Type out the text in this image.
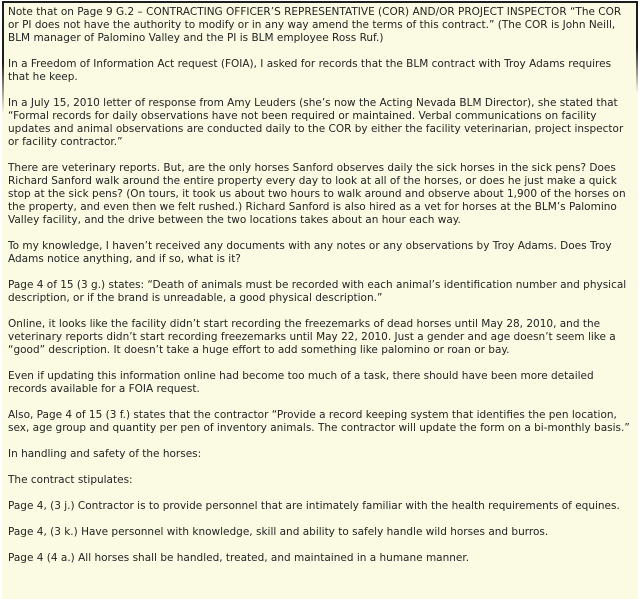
Note that on Page 9 G.2 – CONTRACTING OFFICER’S REPRESENTATIVE (COR) AND/OR PROJECT INSPECTOR “The COR or PI does not have the authority to modify or in any way amend the terms of this contract.” (The COR is John Neill, BLM manager of Palomino Valley and the PI is BLM employee Ross Ruf.)

In a Freedom of Information Act request (FOIA), I asked for records that the BLM contract with Troy Adams requires that he keep.

In a July 15, 2010 letter of response from Amy Leuders (she’s now the Acting Nevada BLM Director), she stated that “Formal records for daily observations have not been required or maintained. Verbal communications on facility updates and animal observations are conducted daily to the COR by either the facility veterinarian, project inspector or facility contractor.”

There are veterinary reports. But, are the only horses Sanford observes daily the sick horses in the sick pens? Does Richard Sanford walk around the entire property every day to look at all of the horses, or does he just make a quick stop at the sick pens? (On tours, it took us about two hours to walk around and observe about 1,900 of the horses on the property, and even then we felt rushed.) Richard Sanford is also hired as a vet for horses at the BLM’s Palomino Valley facility, and the drive between the two locations takes about an hour each way.

To my knowledge, I haven’t received any documents with any notes or any observations by Troy Adams. Does Troy Adams notice anything, and if so, what is it?

Page 4 of 15 (3 g.) states: “Death of animals must be recorded with each animal’s identification number and physical description, or if the brand is unreadable, a good physical description.”

Online, it looks like the facility didn’t start recording the freezemarks of dead horses until May 28, 2010, and the veterinary reports didn’t start recording freezemarks until May 22, 2010. Just a gender and age doesn’t seem like a “good” description. It doesn’t take a huge effort to add something like palomino or roan or bay.

Even if updating this information online had become too much of a task, there should have been more detailed records available for a FOIA request.

Also, Page 4 of 15 (3 f.) states that the contractor “Provide a record keeping system that identifies the pen location, sex, age group and quantity per pen of inventory animals. The contractor will update the form on a bi-monthly basis.”

In handling and safety of the horses:

The contract stipulates:

Page 4, (3 j.) Contractor is to provide personnel that are intimately familiar with the health requirements of equines.

Page 4, (3 k.) Have personnel with knowledge, skill and ability to safely handle wild horses and burros.

Page 4 (4 a.) All horses shall be handled, treated, and maintained in a humane manner.
